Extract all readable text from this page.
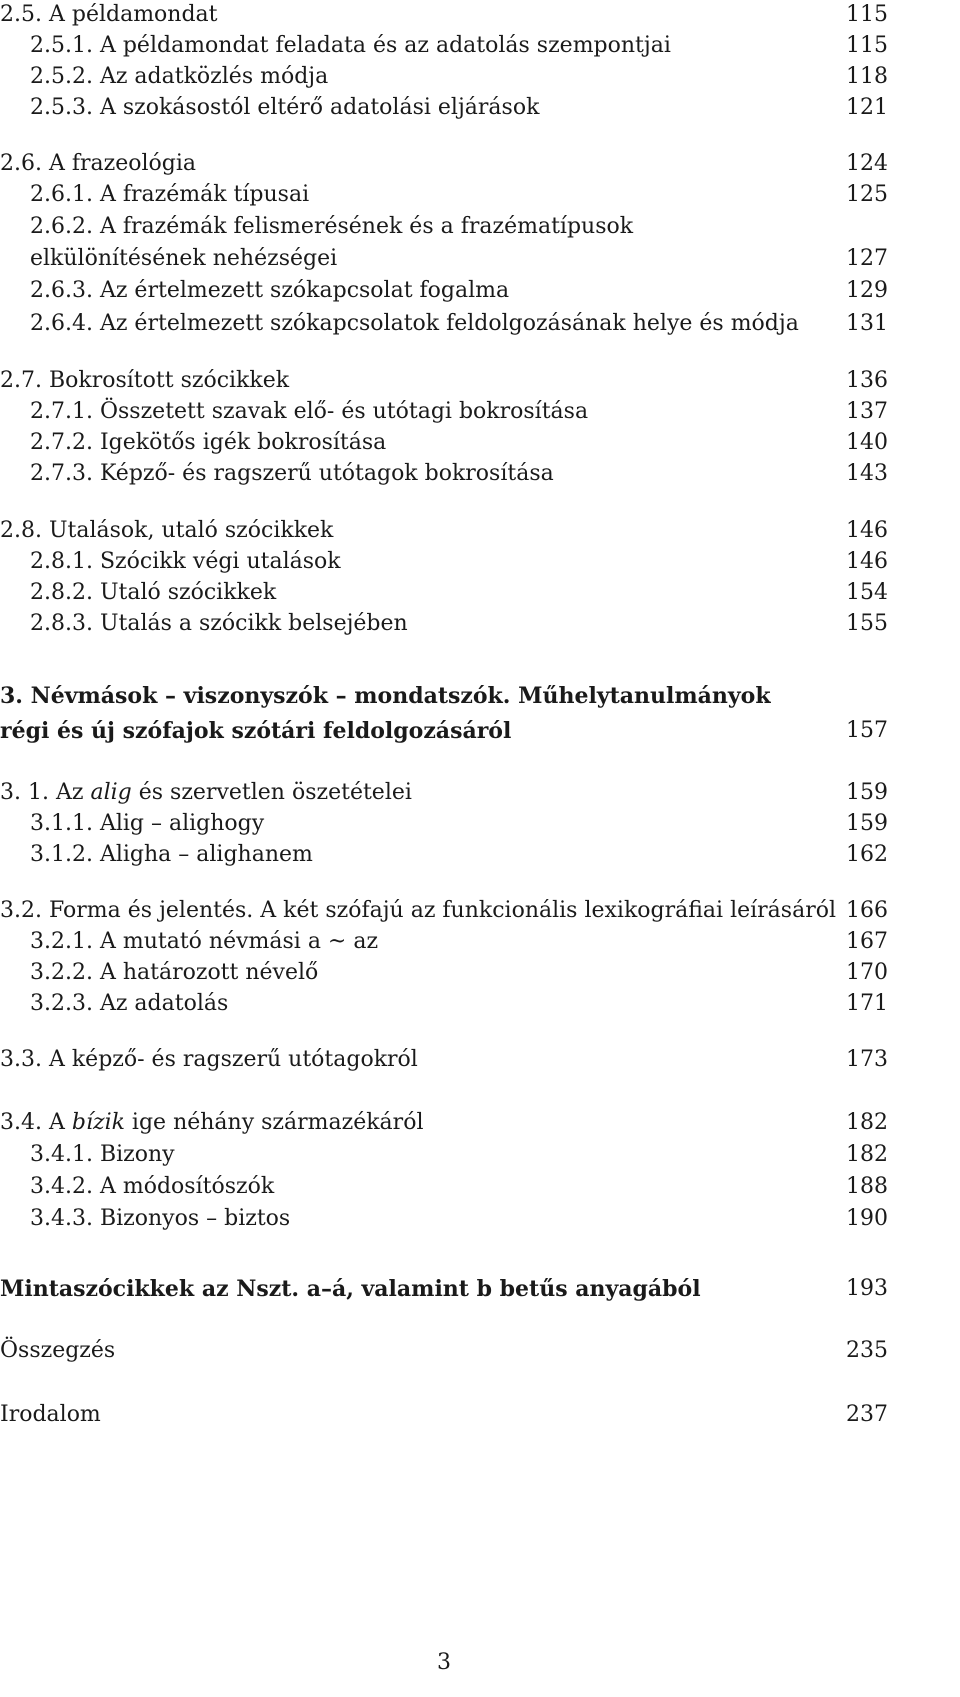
2.5. A példamondat	115
2.5.1. A példamondat feladata és az adatolás szempontjai	115
2.5.2. Az adatközlés módja	118
2.5.3. A szokásostól eltérő adatolási eljárások	121
2.6. A frazeológia	124
2.6.1. A frazémák típusai	125
2.6.2. A frazémák felismerésének és a frazématípusok
elkülönítésének nehézségei	127
2.6.3. Az értelmezett szókapcsolat fogalma	129
2.6.4. Az értelmezett szókapcsolatok feldolgozásának helye és módja 131
2.7. Bokrosított szócikkek	136
2.7.1. Összetett szavak elő- és utótagi bokrosítása	137
2.7.2. Igekötős igék bokrosítása	140
2.7.3. Képző- és ragszerű utótagok bokrosítása	143
2.8. Utalások, utaló szócikkek	146
2.8.1. Szócikk végi utalások	146
2.8.2. Utaló szócikkek	154
2.8.3. Utalás a szócikk belsejében	155
3. Névmások – viszonyszók – mondatszók. Műhelytanulmányok
régi és új szófajok szótári feldolgozásáról	157
3. 1. Az alig és szervetlen öszetételei	159
3.1.1. Alig – alighogy	159
3.1.2. Aligha – alighanem	162
3.2. Forma és jelentés. A két szófajú az funkcionális lexikográfiai leírásáról 166
3.2.1. A mutató névmási a ~ az	167
3.2.2. A határozott névelő	170
3.2.3. Az adatolás	171
3.3. A képző- és ragszerű utótagokról	173
3.4. A bízik ige néhány származékáról	182
3.4.1. Bizony	182
3.4.2. A módosítószók	188
3.4.3. Bizonyos – biztos	190
Mintaszócikkek az Nszt. a–á, valamint b betűs anyagából	193
Összegzés	235
Irodalom	237
3
